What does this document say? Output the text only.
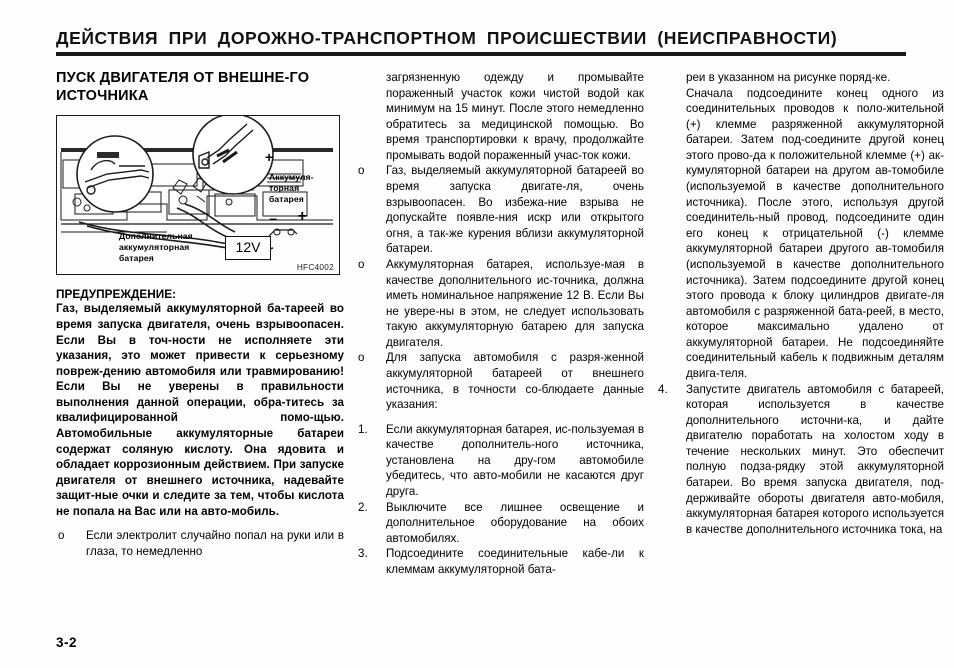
ДЕЙСТВИЯ ПРИ ДОРОЖНО-ТРАНСПОРТНОМ ПРОИСШЕСТВИИ (НЕИСПРАВНОСТИ)
ПУСК ДВИГАТЕЛЯ ОТ ВНЕШНЕ-ГО ИСТОЧНИКА
+
Аккумуля-торная батарея
– +
Дополнительная аккумуляторная батарея
12V
HFC4002
ПРЕДУПРЕЖДЕНИЕ:
Газ, выделяемый аккумуляторной ба-тареей во время запуска двигателя, очень взрывоопасен. Если Вы в точ-ности не исполняете эти указания, это может привести к серьезному повреж-дению автомобиля или травмированию! Если Вы не уверены в правильности выполнения данной операции, обра-титесь за квалифицированной помо-щью. Автомобильные аккумуляторные батареи содержат соляную кислоту. Она ядовита и обладает коррозионным действием. При запуске двигателя от внешнего источника, надевайте защит-ные очки и следите за тем, чтобы кислота не попала на Вас или на авто-мобиль.
o	Если электролит случайно попал на руки или в глаза, то немедленно
загрязненную одежду и промывайте пораженный участок кожи чистой водой как минимум на 15 минут. После этого немедленно обратитесь за медицинской помощью. Во время транспортировки к врачу, продолжайте промывать водой пораженный учас-ток кожи.
o	Газ, выделяемый аккумуляторной батареей во время запуска двигате-ля, очень взрывоопасен. Во избежа-ние взрыва не допускайте появле-ния искр или открытого огня, а так-же курения вблизи аккумуляторной батареи.
o	Аккумуляторная батарея, используе-мая в качестве дополнительного ис-точника, должна иметь номинальное напряжение 12 В. Если Вы не увере-ны в этом, не следует использовать такую аккумуляторную батарею для запуска двигателя.
o	Для запуска автомобиля с разря-женной аккумуляторной батареей от внешнего источника, в точности со-блюдаете данные указания:
1.	Если аккумуляторная батарея, ис-пользуемая в качестве дополнитель-ного источника, установлена на дру-гом автомобиле убедитесь, что авто-мобили не касаются друг друга.
2.	Выключите все лишнее освещение и дополнительное оборудование на обоих автомобилях.
3.	Подсоедините соединительные кабе-ли к клеммам аккумуляторной бата-
реи в указанном на рисунке поряд-ке.
Сначала подсоедините конец одного из соединительных проводов к поло-жительной (+) клемме разряженной аккумуляторной батареи. Затем под-соедините другой конец этого прово-да к положительной клемме (+) ак-кумуляторной батареи на другом ав-томобиле (используемой в качестве дополнительного источника). После этого, используя другой соединитель-ный провод, подсоедините один его конец к отрицательной (-) клемме аккумуляторной батареи другого ав-томобиля (используемой в качестве дополнительного источника). Затем подсоедините другой конец этого провода к блоку цилиндров двигате-ля автомобиля с разряженной бата-реей, в место, которое максимально удалено от аккумуляторной батареи. Не подсоединяйте соединительный кабель к подвижным деталям двига-теля.
4.	Запустите двигатель автомобиля с батареей, которая используется в качестве дополнительного источни-ка, и дайте двигателю поработать на холостом ходу в течение нескольких минут. Это обеспечит полную подза-рядку этой аккумуляторной батареи. Во время запуска двигателя, под-держивайте обороты двигателя авто-мобиля, аккумуляторная батарея которого используется в качестве дополнительного источника тока, на
3-2
